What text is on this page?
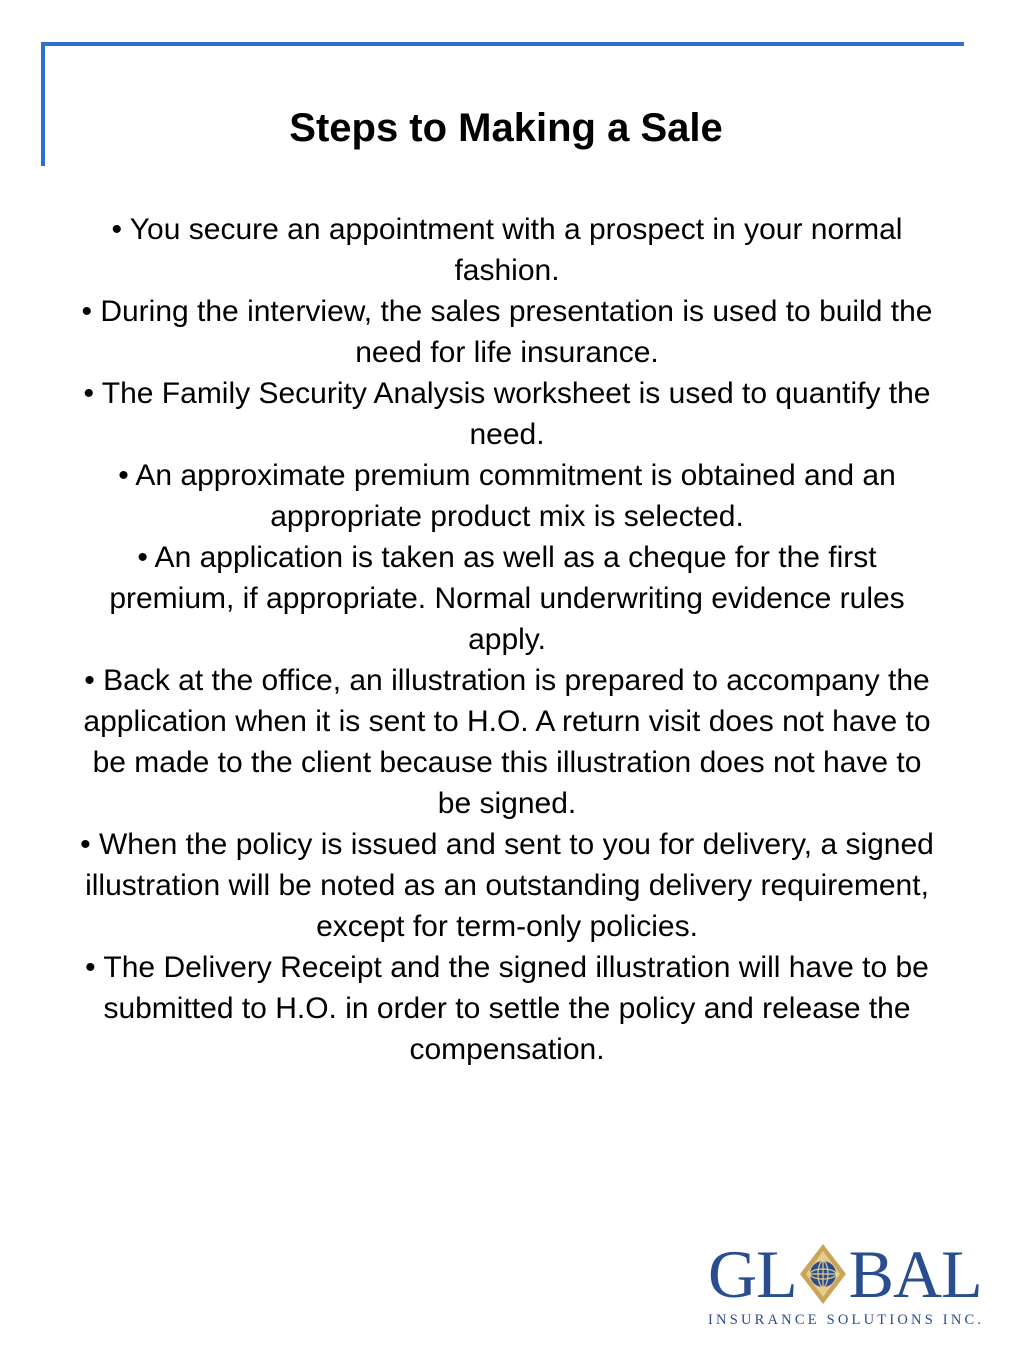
Steps to Making a Sale
• You secure an appointment with a prospect in your normal fashion.
• During the interview, the sales presentation is used to build the need for life insurance.
• The Family Security Analysis worksheet is used to quantify the need.
• An approximate premium commitment is obtained and an appropriate product mix is selected.
• An application is taken as well as a cheque for the first premium, if appropriate. Normal underwriting evidence rules apply.
• Back at the office, an illustration is prepared to accompany the application when it is sent to H.O. A return visit does not have to be made to the client because this illustration does not have to be signed.
• When the policy is issued and sent to you for delivery, a signed illustration will be noted as an outstanding delivery requirement, except for term-only policies.
• The Delivery Receipt and the signed illustration will have to be submitted to H.O. in order to settle the policy and release the compensation.
GL BAL
INSURANCE SOLUTIONS INC.
